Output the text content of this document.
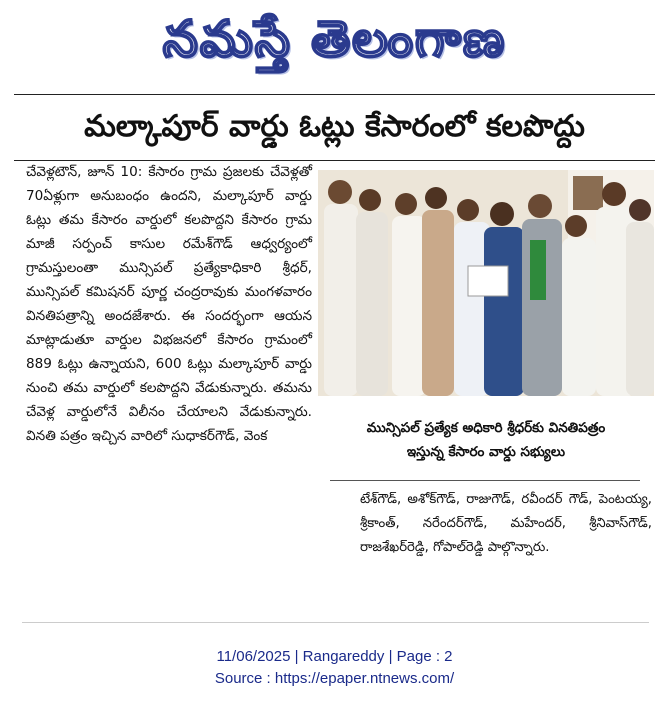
నమస్తే తెలంగాణ
మల్కాపూర్ వార్డు ఓట్లు కేసారంలో కలపొద్దు

చేవెళ్లటౌన్, జూన్ 10: కేసారం గ్రామ ప్రజలకు చేవెళ్లతో 70ఏళ్లుగా అనుబంధం ఉందని, మల్కాపూర్ వార్డు ఓట్లు తమ కేసారం వార్డులో కలపొద్దని కేసారం గ్రామ మాజీ సర్పంచ్ కాసుల రమేశ్‌గౌడ్ ఆధ్వర్యంలో గ్రామస్తులంతా మున్సిపల్ ప్రత్యేకాధికారి శ్రీధర్, మున్సిపల్ కమిషనర్ పూర్ణ చంద్రరావుకు మంగళవారం వినతిపత్రాన్ని అందజేశారు. ఈ సందర్భంగా ఆయన మాట్లాడుతూ వార్డుల విభజనలో కేసారం గ్రామంలో 889 ఓట్లు ఉన్నాయని, 600 ఓట్లు మల్కాపూర్ వార్డు నుంచి తమ వార్డులో కలపొద్దని వేడుకున్నారు. తమను చేవెళ్ల వార్డులోనే విలీనం చేయాలని వేడుకున్నారు. వినతి పత్రం ఇచ్చిన వారిలో సుధాకర్‌గౌడ్, వెంక	మున్సిపల్ ప్రత్యేక అధికారి శ్రీధర్‌కు వినతిపత్రం
ఇస్తున్న కేసారం వార్డు సభ్యులు

టేశ్‌గౌడ్, అశోక్‌గౌడ్, రాజుగౌడ్, రవీందర్ గౌడ్, పెంటయ్య, శ్రీకాంత్, నరేందర్‌గౌడ్, మహేందర్, శ్రీనివాస్‌గౌడ్, రాజశేఖర్‌రెడ్డి, గోపాల్‌రెడ్డి పాల్గొన్నారు.

11/06/2025 | Rangareddy | Page : 2
Source : https://epaper.ntnews.com/
